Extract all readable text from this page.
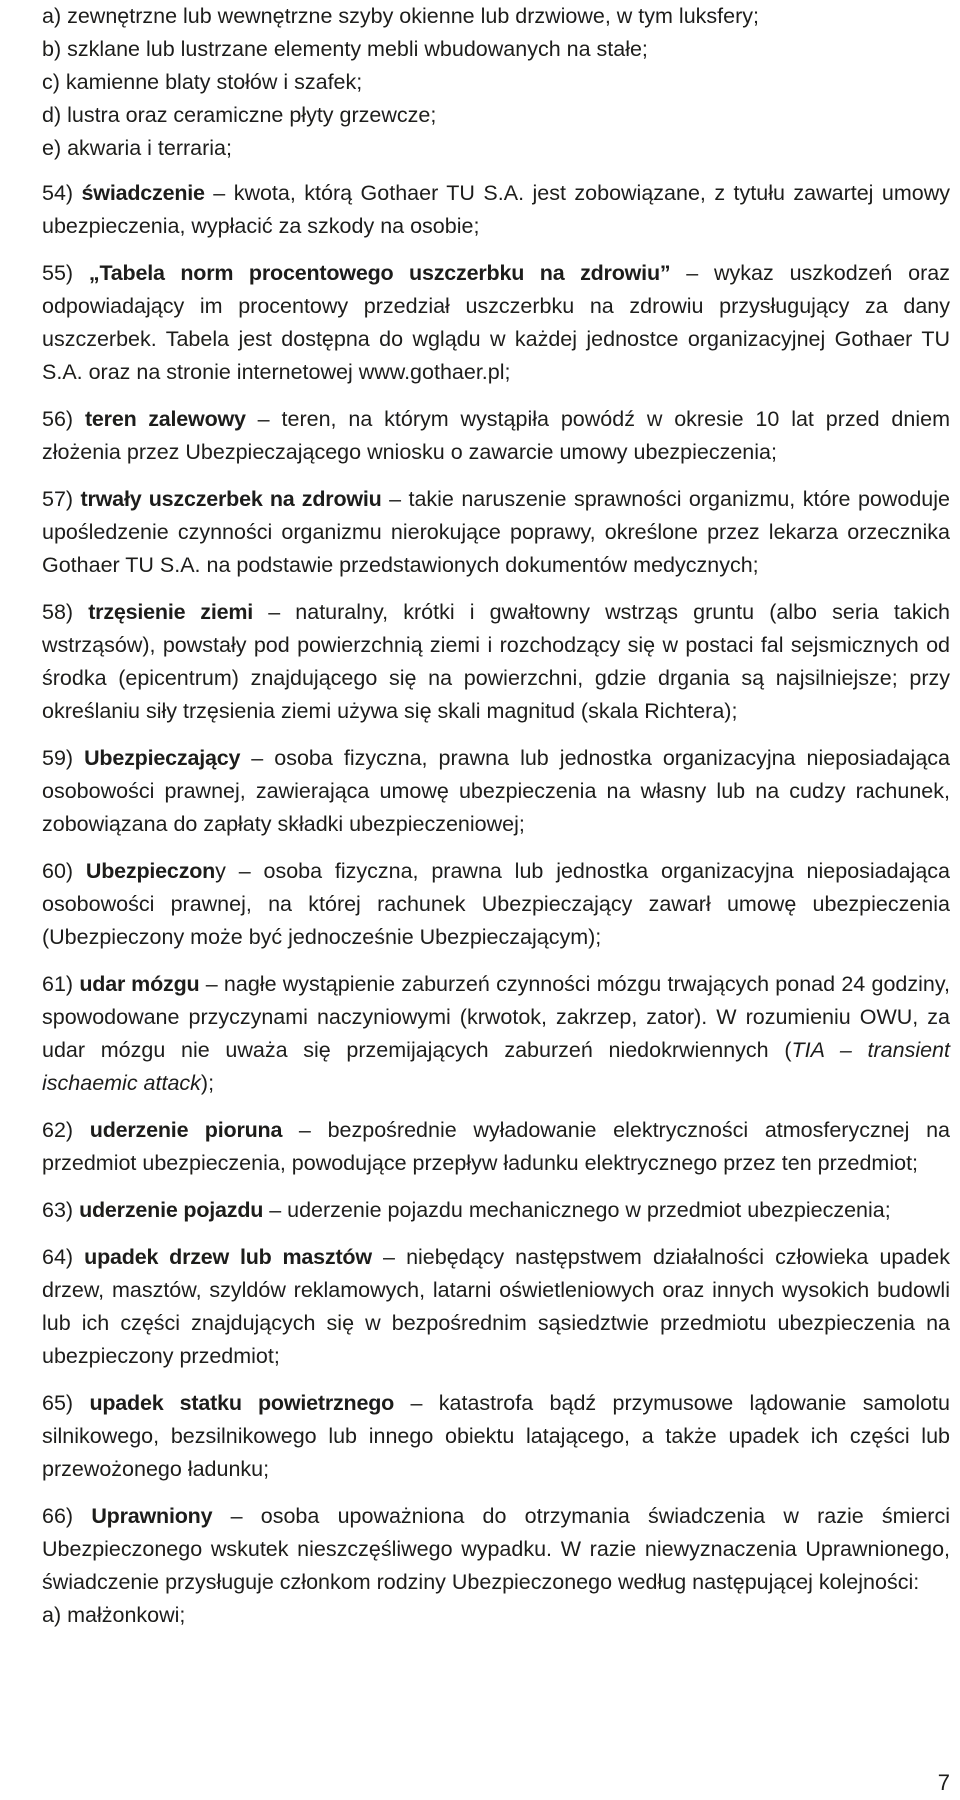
a) zewnętrzne lub wewnętrzne szyby okienne lub drzwiowe, w tym luksfery;
b) szklane lub lustrzane elementy mebli wbudowanych na stałe;
c) kamienne blaty stołów i szafek;
d) lustra oraz ceramiczne płyty grzewcze;
e) akwaria i terraria;
54) świadczenie – kwota, którą Gothaer TU S.A. jest zobowiązane, z tytułu zawartej umowy ubezpieczenia, wypłacić za szkody na osobie;
55) „Tabela norm procentowego uszczerbku na zdrowiu” – wykaz uszkodzeń oraz odpowiadający im procentowy przedział uszczerbku na zdrowiu przysługujący za dany uszczerbek. Tabela jest dostępna do wglądu w każdej jednostce organizacyjnej Gothaer TU S.A. oraz na stronie internetowej www.gothaer.pl;
56) teren zalewowy – teren, na którym wystąpiła powódź w okresie 10 lat przed dniem złożenia przez Ubezpieczającego wniosku o zawarcie umowy ubezpieczenia;
57) trwały uszczerbek na zdrowiu – takie naruszenie sprawności organizmu, które powoduje upośledzenie czynności organizmu nierokujące poprawy, określone przez lekarza orzecznika Gothaer TU S.A. na podstawie przedstawionych dokumentów medycznych;
58) trzęsienie ziemi – naturalny, krótki i gwałtowny wstrząs gruntu (albo seria takich wstrząsów), powstały pod powierzchnią ziemi i rozchodzący się w postaci fal sejsmicznych od środka (epicentrum) znajdującego się na powierzchni, gdzie drgania są najsilniejsze; przy określaniu siły trzęsienia ziemi używa się skali magnitud (skala Richtera);
59) Ubezpieczający – osoba fizyczna, prawna lub jednostka organizacyjna nieposiadająca osobowości prawnej, zawierająca umowę ubezpieczenia na własny lub na cudzy rachunek, zobowiązana do zapłaty składki ubezpieczeniowej;
60) Ubezpieczony – osoba fizyczna, prawna lub jednostka organizacyjna nieposiadająca osobowości prawnej, na której rachunek Ubezpieczający zawarł umowę ubezpieczenia (Ubezpieczony może być jednocześnie Ubezpieczającym);
61) udar mózgu – nagłe wystąpienie zaburzeń czynności mózgu trwających ponad 24 godziny, spowodowane przyczynami naczyniowymi (krwotok, zakrzep, zator). W rozumieniu OWU, za udar mózgu nie uważa się przemijających zaburzeń niedokrwiennych (TIA – transient ischaemic attack);
62) uderzenie pioruna – bezpośrednie wyładowanie elektryczności atmosferycznej na przedmiot ubezpieczenia, powodujące przepływ ładunku elektrycznego przez ten przedmiot;
63) uderzenie pojazdu – uderzenie pojazdu mechanicznego w przedmiot ubezpieczenia;
64) upadek drzew lub masztów – niebędący następstwem działalności człowieka upadek drzew, masztów, szyldów reklamowych, latarni oświetleniowych oraz innych wysokich budowli lub ich części znajdujących się w bezpośrednim sąsiedztwie przedmiotu ubezpieczenia na ubezpieczony przedmiot;
65) upadek statku powietrznego – katastrofa bądź przymusowe lądowanie samolotu silnikowego, bezsilnikowego lub innego obiektu latającego, a także upadek ich części lub przewożonego ładunku;
66) Uprawniony – osoba upoważniona do otrzymania świadczenia w razie śmierci Ubezpieczonego wskutek nieszczęśliwego wypadku. W razie niewyznaczenia Uprawnionego, świadczenie przysługuje członkom rodziny Ubezpieczonego według następującej kolejności:
a) małżonkowi;
7
